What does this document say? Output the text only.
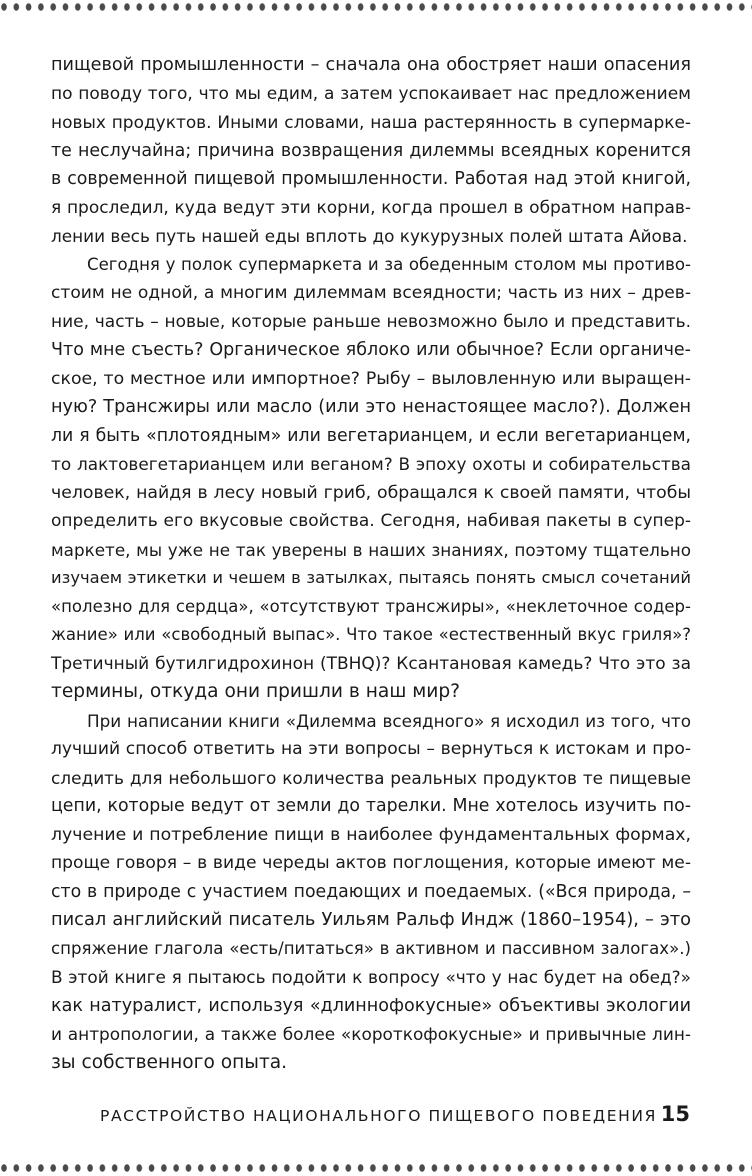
пищевой промышленности – сначала она обостряет наши опасения
по поводу того, что мы едим, а затем успокаивает нас предложением
новых продуктов. Иными словами, наша растерянность в супермарке-
те неслучайна; причина возвращения дилеммы всеядных коренится
в современной пищевой промышленности. Работая над этой книгой,
я проследил, куда ведут эти корни, когда прошел в обратном направ-
лении весь путь нашей еды вплоть до кукурузных полей штата Айова.
Сегодня у полок супермаркета и за обеденным столом мы противо-
стоим не одной, а многим дилеммам всеядности; часть из них – древ-
ние, часть – новые, которые раньше невозможно было и представить.
Что мне съесть? Органическое яблоко или обычное? Если органиче-
ское, то местное или импортное? Рыбу – выловленную или выращен-
ную? Трансжиры или масло (или это ненастоящее масло?). Должен
ли я быть «плотоядным» или вегетарианцем, и если вегетарианцем,
то лактовегетарианцем или веганом? В эпоху охоты и собирательства
человек, найдя в лесу новый гриб, обращался к своей памяти, чтобы
определить его вкусовые свойства. Сегодня, набивая пакеты в супер-
маркете, мы уже не так уверены в наших знаниях, поэтому тщательно
изучаем этикетки и чешем в затылках, пытаясь понять смысл сочетаний
«полезно для сердца», «отсутствуют трансжиры», «неклеточное содер-
жание» или «свободный выпас». Что такое «естественный вкус гриля»?
Третичный бутилгидрохинон (TBHQ)? Ксантановая камедь? Что это за
термины, откуда они пришли в наш мир?
При написании книги «Дилемма всеядного» я исходил из того, что
лучший способ ответить на эти вопросы – вернуться к истокам и про-
следить для небольшого количества реальных продуктов те пищевые
цепи, которые ведут от земли до тарелки. Мне хотелось изучить по-
лучение и потребление пищи в наиболее фундаментальных формах,
проще говоря – в виде череды актов поглощения, которые имеют ме-
сто в природе с участием поедающих и поедаемых. («Вся природа, –
писал английский писатель Уильям Ральф Индж (1860–1954), – это
спряжение глагола «есть/питаться» в активном и пассивном залогах».)
В этой книге я пытаюсь подойти к вопросу «что у нас будет на обед?»
как натуралист, используя «длиннофокусные» объективы экологии
и антропологии, а также более «короткофокусные» и привычные лин-
зы собственного опыта.
РАССТРОЙСТВО НАЦИОНАЛЬНОГО ПИЩЕВОГО ПОВЕДЕНИЯ 15
